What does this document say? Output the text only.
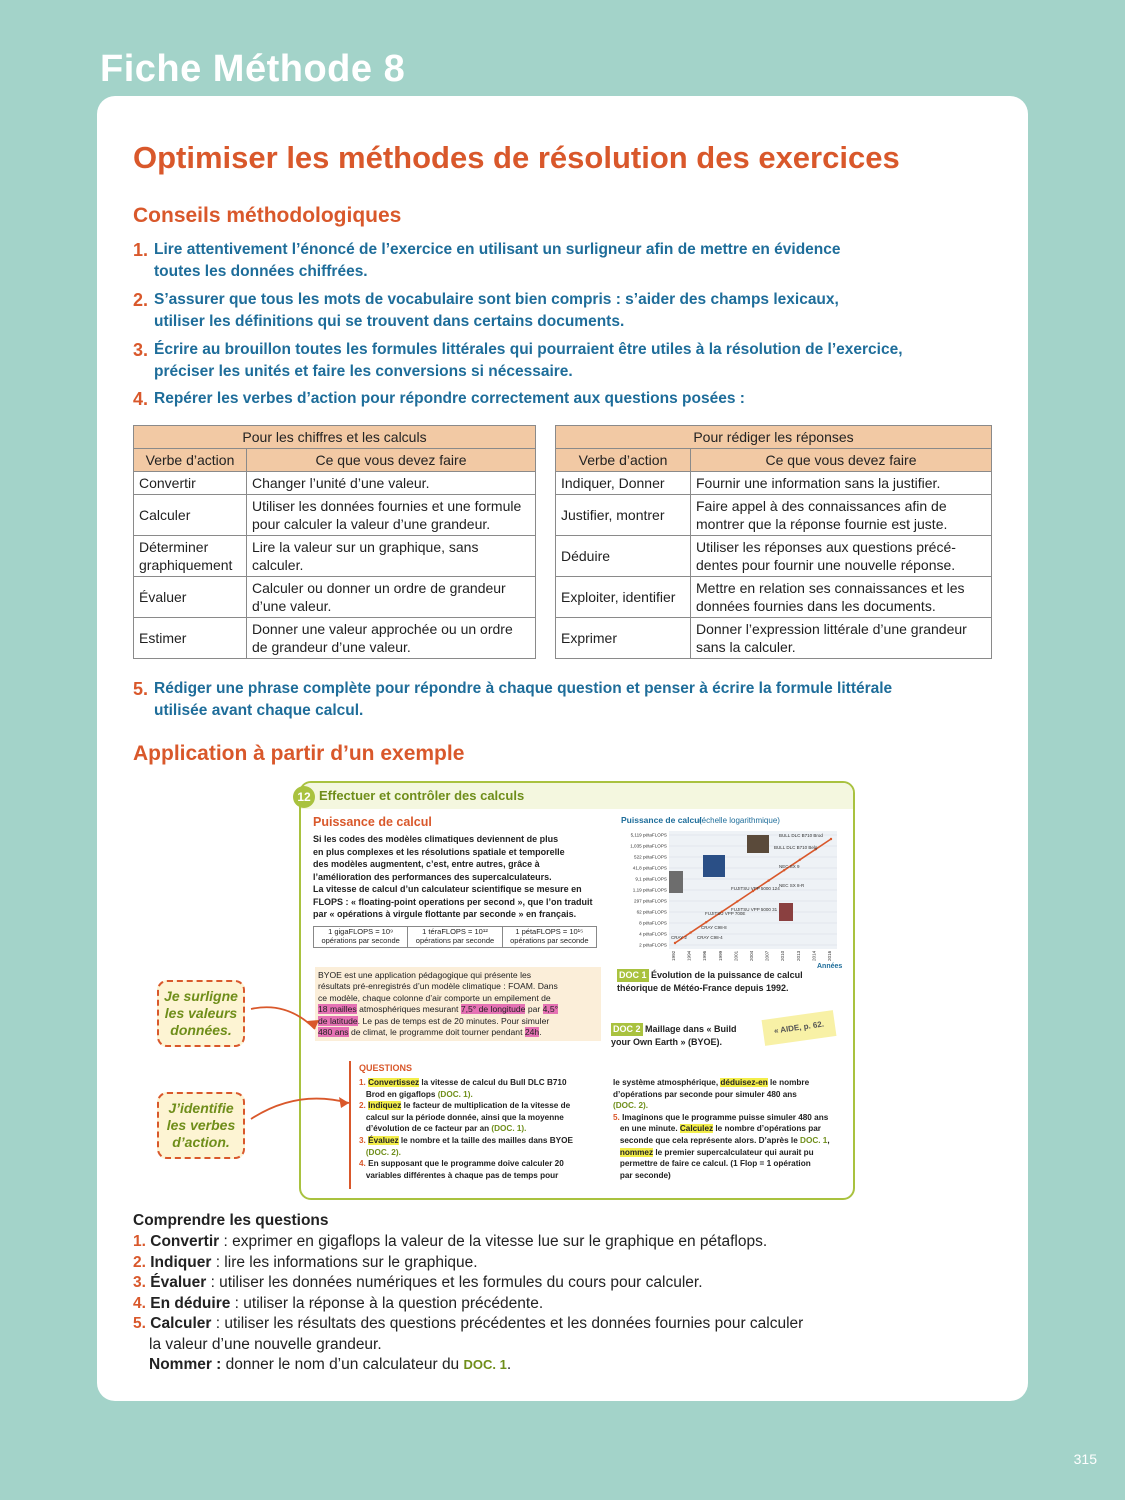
Fiche Méthode 8
Optimiser les méthodes de résolution des exercices
Conseils méthodologiques
1. Lire attentivement l’énoncé de l’exercice en utilisant un surligneur afin de mettre en évidence
toutes les données chiffrées.
2. S’assurer que tous les mots de vocabulaire sont bien compris : s’aider des champs lexicaux,
utiliser les définitions qui se trouvent dans certains documents.
3. Écrire au brouillon toutes les formules littérales qui pourraient être utiles à la résolution de l’exercice,
préciser les unités et faire les conversions si nécessaire.
4. Repérer les verbes d’action pour répondre correctement aux questions posées :
Pour les chiffres et les calculs	
Verbe d’action	Ce que vous devez faire
Convertir	Changer l’unité d’une valeur.
Calculer	Utiliser les données fournies et une formule
pour calculer la valeur d’une grandeur.
Déterminer graphiquement	Lire la valeur sur un graphique, sans
calculer.
Évaluer	Calculer ou donner un ordre de grandeur
d’une valeur.
Estimer	Donner une valeur approchée ou un ordre
de grandeur d’une valeur.
Pour rédiger les réponses	
Verbe d’action	Ce que vous devez faire
Indiquer, Donner	Fournir une information sans la justifier.
Justifier, montrer	Faire appel à des connaissances afin de
montrer que la réponse fournie est juste.
Déduire	Utiliser les réponses aux questions précé-
dentes pour fournir une nouvelle réponse.
Exploiter, identifier	Mettre en relation ses connaissances et les
données fournies dans les documents.
Exprimer	Donner l’expression littérale d’une grandeur
sans la calculer.
5. Rédiger une phrase complète pour répondre à chaque question et penser à écrire la formule littérale
utilisée avant chaque calcul.
Application à partir d’un exemple
12 Effectuer et contrôler des calculs
Puissance de calcul
Si les codes des modèles climatiques deviennent de plus
en plus complexes et les résolutions spatiale et temporelle
des modèles augmentent, c’est, entre autres, grâce à
l’amélioration des performances des supercalculateurs.
La vitesse de calcul d’un calculateur scientifique se mesure en
FLOPS : « floating-point operations per second », que l’on traduit
par « opérations à virgule flottante par seconde » en français.
1 gigaFLOPS = 10⁹
opérations par seconde
1 téraFLOPS = 10¹²
opérations par seconde
1 pétaFLOPS = 10¹⁵
opérations par seconde
Puissance de calcul
(échelle logarithmique)
5,119 pétaFLOPS
1,035 pétaFLOPS
522 pétaFLOPS
41,8 pétaFLOPS
9,1 pétaFLOPS
1,19 pétaFLOPS
297 pétaFLOPS
62 pétaFLOPS
8 pétaFLOPS
4 pétaFLOPS
2 pétaFLOPS
1992 1994 1996 1999 2001 2004 2007 2010 2013 2014 2016
BULL DLC B710 Brod
BULL DLC B710 Belg
NEC SX 9
NEC SX 8-R
FUJITSU VPP 5000 124
FUJITSU VPP 700E
FUJITSU VPP 5000 31
CRAY C98-8
CRAY 2 CRAY C98-4
Années
BYOE est une application pédagogique qui présente les
résultats pré-enregistrés d’un modèle climatique : FOAM. Dans
ce modèle, chaque colonne d’air comporte un empilement de
18 mailles atmosphériques mesurant 7,5° de longitude par 4,5°
de latitude. Le pas de temps est de 20 minutes. Pour simuler
480 ans de climat, le programme doit tourner pendant 24h.
DOC 1 Évolution de la puissance de calcul
théorique de Météo-France depuis 1992.
DOC 2 Maillage dans « Build
your Own Earth » (BYOE).
« AIDE, p. 62.
QUESTIONS
1. Convertissez la vitesse de calcul du Bull DLC B710
Brod en gigaflops (DOC. 1).
2. Indiquez le facteur de multiplication de la vitesse de
calcul sur la période donnée, ainsi que la moyenne
d’évolution de ce facteur par an (DOC. 1).
3. Évaluez le nombre et la taille des mailles dans BYOE
(DOC. 2).
4. En supposant que le programme doive calculer 20
variables différentes à chaque pas de temps pour
le système atmosphérique, déduisez-en le nombre
d’opérations par seconde pour simuler 480 ans
(DOC. 2).
5. Imaginons que le programme puisse simuler 480 ans
en une minute. Calculez le nombre d’opérations par
seconde que cela représente alors. D’après le DOC. 1,
nommez le premier supercalculateur qui aurait pu
permettre de faire ce calcul. (1 Flop = 1 opération
par seconde)
Je surligne
les valeurs
données.
J’identifie
les verbes
d’action.
Comprendre les questions
1. Convertir : exprimer en gigaflops la valeur de la vitesse lue sur le graphique en pétaflops.
2. Indiquer : lire les informations sur le graphique.
3. Évaluer : utiliser les données numériques et les formules du cours pour calculer.
4. En déduire : utiliser la réponse à la question précédente.
5. Calculer : utiliser les résultats des questions précédentes et les données fournies pour calculer
la valeur d’une nouvelle grandeur.
Nommer : donner le nom d’un calculateur du DOC. 1.
315
